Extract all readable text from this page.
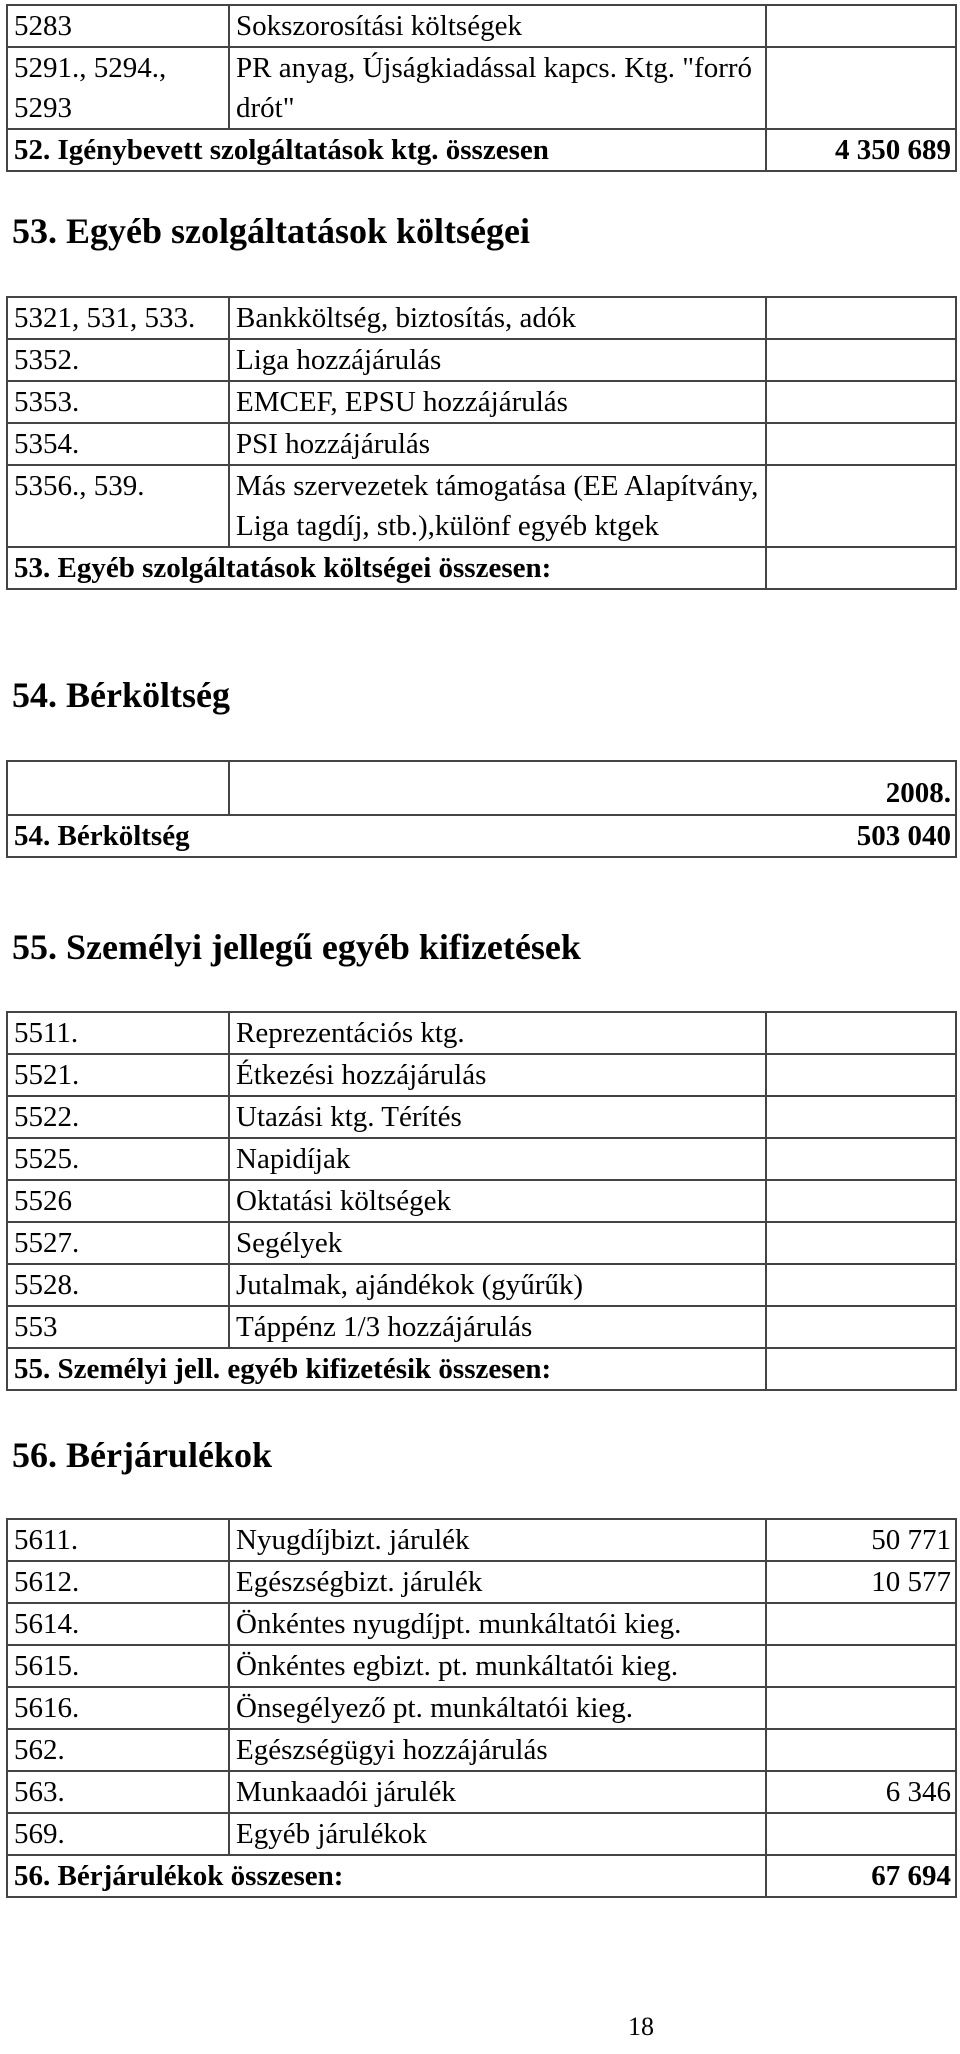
5283	Sokszorosítási költségek	
5291., 5294., 5293	PR anyag, Újságkiadással kapcs. Ktg. "forró drót"	
52. Igénybevett szolgáltatások ktg. összesen		4 350 689
53. Egyéb szolgáltatások költségei
5321, 531, 533.	Bankköltség, biztosítás, adók	
5352.	Liga hozzájárulás	
5353.	EMCEF, EPSU hozzájárulás	
5354.	PSI hozzájárulás	
5356., 539.	Más szervezetek támogatása (EE Alapítvány, Liga tagdíj, stb.),különf egyéb ktgek	
53. Egyéb szolgáltatások költségei összesen:		
54. Bérköltség
	2008.
54. Bérköltség	503 040
55. Személyi jellegű egyéb kifizetések
5511.	Reprezentációs ktg.	
5521.	Étkezési hozzájárulás	
5522.	Utazási ktg. Térítés	
5525.	Napidíjak	
5526	Oktatási költségek	
5527.	Segélyek	
5528.	Jutalmak, ajándékok (gyűrűk)	
553	Táppénz 1/3 hozzájárulás	
55. Személyi jell. egyéb kifizetésik összesen:		
56. Bérjárulékok
5611.	Nyugdíjbizt. járulék	50 771
5612.	Egészségbizt. járulék	10 577
5614.	Önkéntes nyugdíjpt. munkáltatói kieg.	
5615.	Önkéntes egbizt. pt. munkáltatói kieg.	
5616.	Önsegélyező pt. munkáltatói kieg.	
562.	Egészségügyi hozzájárulás	
563.	Munkaadói járulék	6 346
569.	Egyéb járulékok	
56. Bérjárulékok összesen:		67 694
18
